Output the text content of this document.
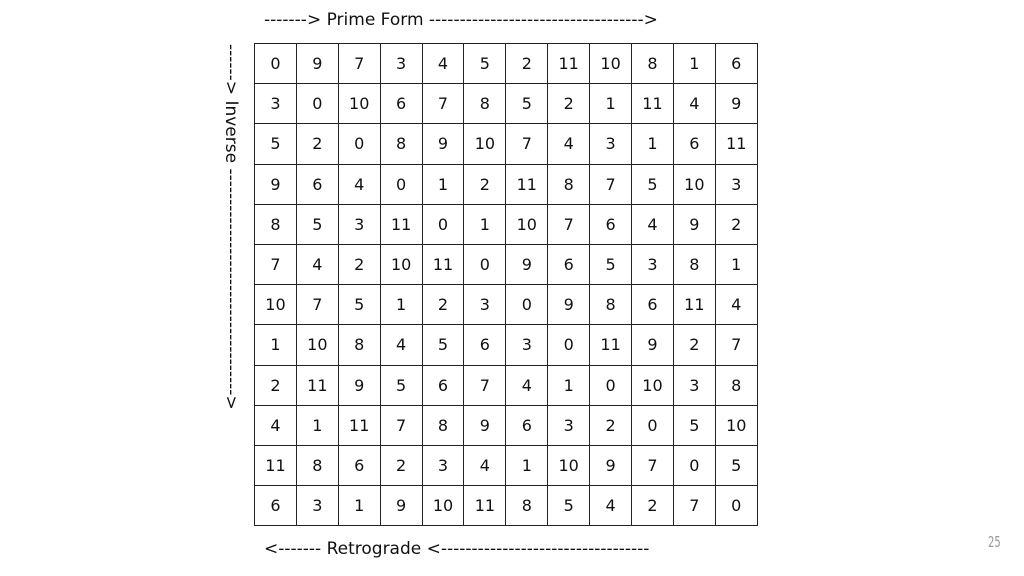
-------> Prime Form ----------------------------------->
------> Inverse -------------------------------------> 0	9	7	3	4	5	2	11	10	8	1	6
3	0	10	6	7	8	5	2	1	11	4	9
5	2	0	8	9	10	7	4	3	1	6	11
9	6	4	0	1	2	11	8	7	5	10	3
8	5	3	11	0	1	10	7	6	4	9	2
7	4	2	10	11	0	9	6	5	3	8	1
10	7	5	1	2	3	0	9	8	6	11	4
1	10	8	4	5	6	3	0	11	9	2	7
2	11	9	5	6	7	4	1	0	10	3	8
4	1	11	7	8	9	6	3	2	0	5	10
11	8	6	2	3	4	1	10	9	7	0	5
6	3	1	9	10	11	8	5	4	2	7	0
<------- Retrograde <----------------------------------	25
